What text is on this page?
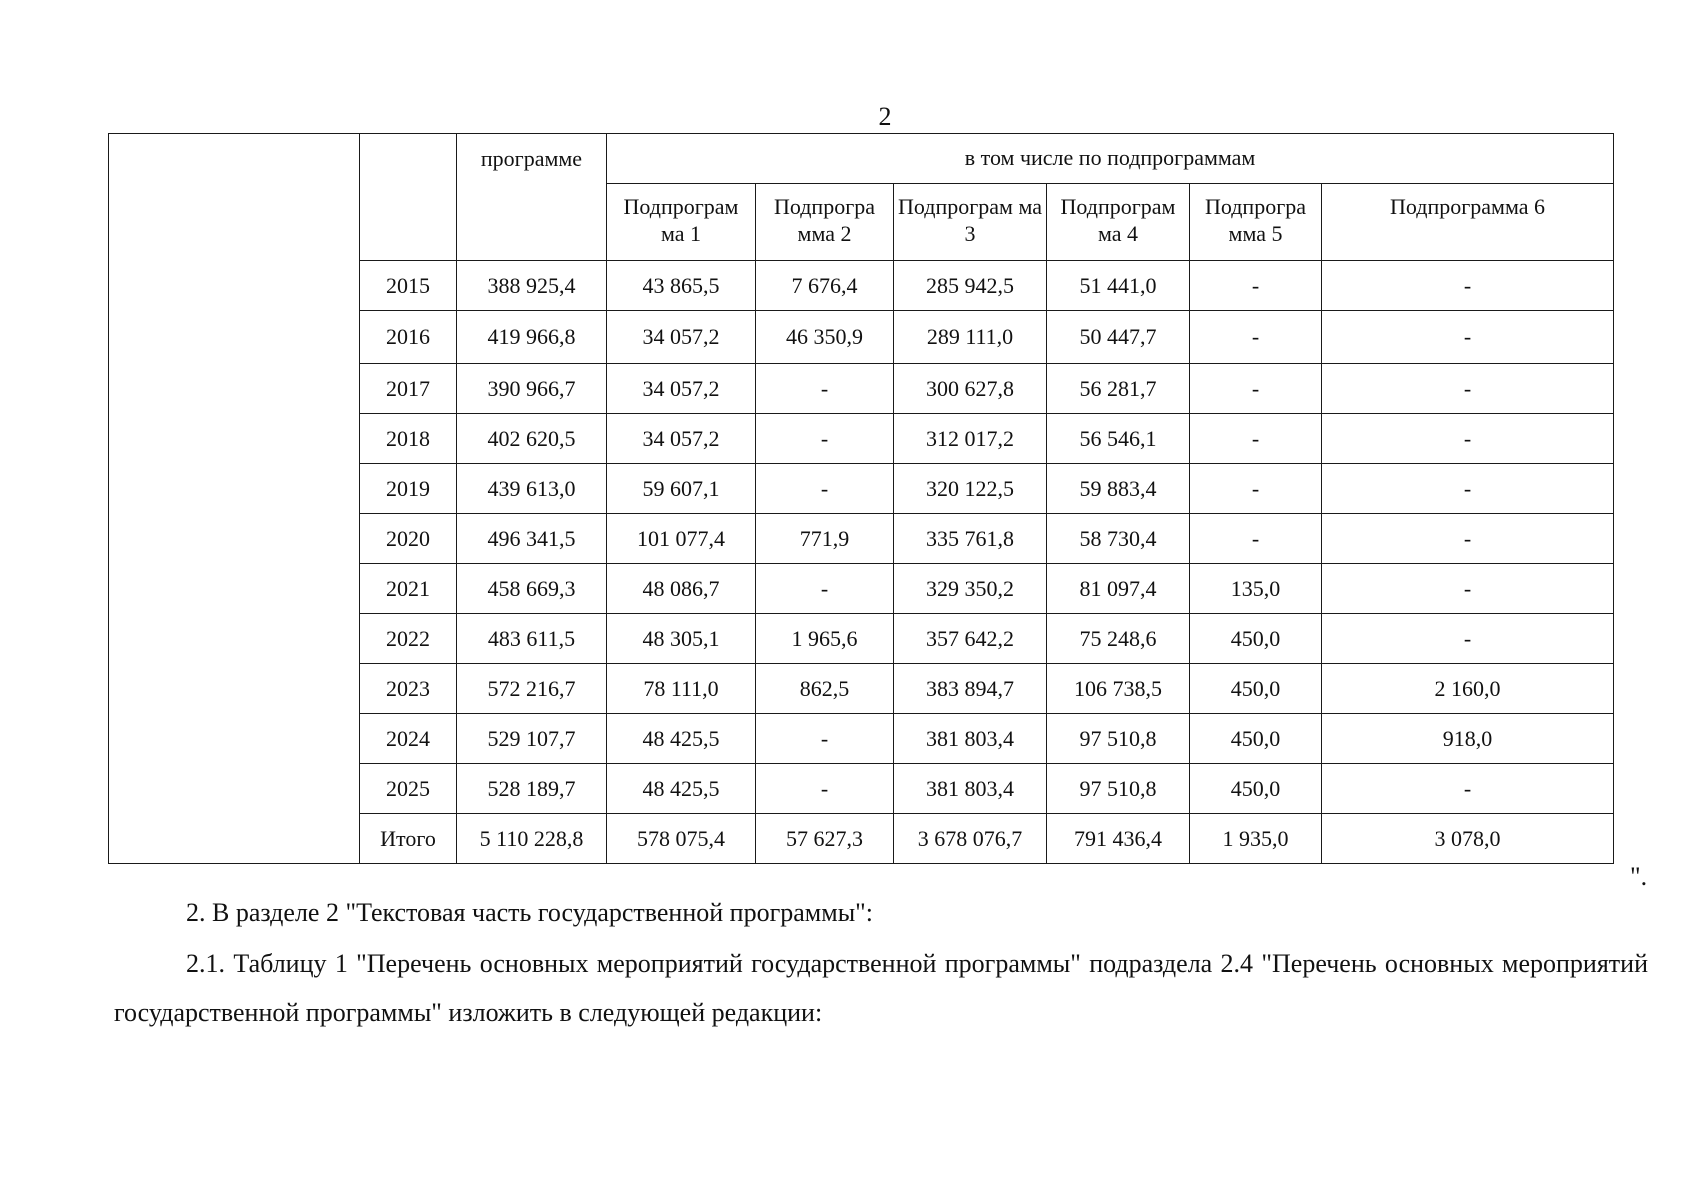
2
		программе	в том числе по подпрограммам					
			Подпрограм ма 1	Подпрогра мма 2	Подпрограм ма 3	Подпрограм ма 4	Подпрогра мма 5	Подпрограмма 6
	2015	388 925,4	43 865,5	7 676,4	285 942,5	51 441,0	-	-
	2016	419 966,8	34 057,2	46 350,9	289 111,0	50 447,7	-	-
	2017	390 966,7	34 057,2	-	300 627,8	56 281,7	-	-
	2018	402 620,5	34 057,2	-	312 017,2	56 546,1	-	-
	2019	439 613,0	59 607,1	-	320 122,5	59 883,4	-	-
	2020	496 341,5	101 077,4	771,9	335 761,8	58 730,4	-	-
	2021	458 669,3	48 086,7	-	329 350,2	81 097,4	135,0	-
	2022	483 611,5	48 305,1	1 965,6	357 642,2	75 248,6	450,0	-
	2023	572 216,7	78 111,0	862,5	383 894,7	106 738,5	450,0	2 160,0
	2024	529 107,7	48 425,5	-	381 803,4	97 510,8	450,0	918,0
	2025	528 189,7	48 425,5	-	381 803,4	97 510,8	450,0	-
	Итого	5 110 228,8	578 075,4	57 627,3	3 678 076,7	791 436,4	1 935,0	3 078,0
".
2. В разделе 2 "Текстовая часть государственной программы":
2.1. Таблицу 1 "Перечень основных мероприятий государственной программы" подраздела 2.4 "Перечень основных мероприятий государственной программы" изложить в следующей редакции:
